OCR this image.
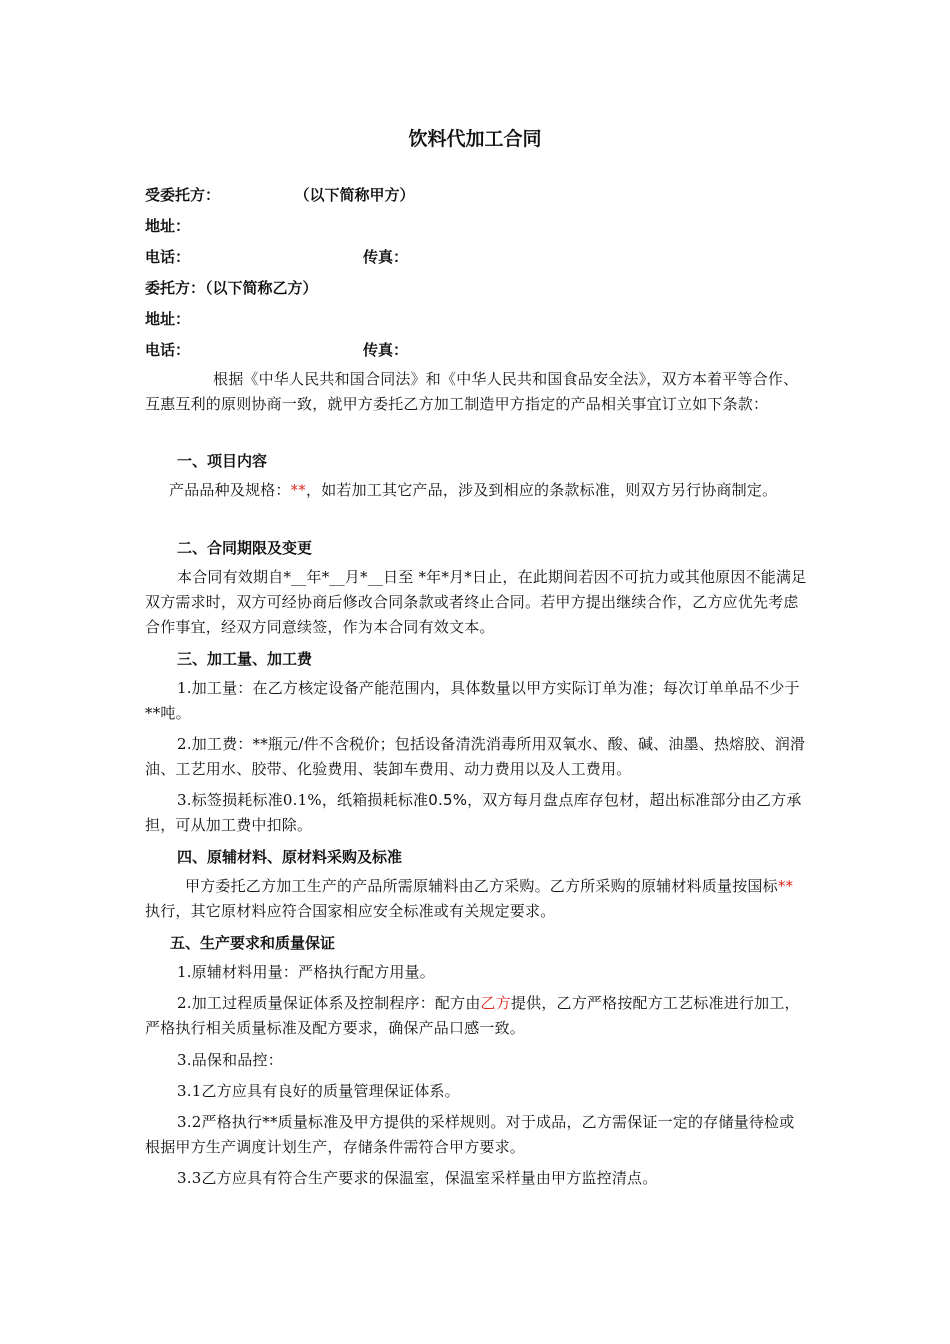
饮料代加工合同
受委托方：	（以下简称甲方）
地址：
电话：	传真：
委托方：（以下简称乙方）
地址：
电话：	传真：
根据《中华人民共和国合同法》和《中华人民共和国食品安全法》，双方本着平等合作、互惠互利的原则协商一致，就甲方委托乙方加工制造甲方指定的产品相关事宜订立如下条款：
一、项目内容
产品品种及规格：**，如若加工其它产品，涉及到相应的条款标准，则双方另行协商制定。
二、合同期限及变更
本合同有效期自*__年*__月*__日至 *年*月*日止，在此期间若因不可抗力或其他原因不能满足双方需求时，双方可经协商后修改合同条款或者终止合同。若甲方提出继续合作，乙方应优先考虑合作事宜，经双方同意续签，作为本合同有效文本。
三、加工量、加工费
1.加工量：在乙方核定设备产能范围内，具体数量以甲方实际订单为准；每次订单单品不少于**吨。
2.加工费：**瓶元/件不含税价；包括设备清洗消毒所用双氧水、酸、碱、油墨、热熔胶、润滑油、工艺用水、胶带、化验费用、装卸车费用、动力费用以及人工费用。
3.标签损耗标准0.1%，纸箱损耗标准0.5%，双方每月盘点库存包材，超出标准部分由乙方承担，可从加工费中扣除。
四、原辅材料、原材料采购及标准
甲方委托乙方加工生产的产品所需原辅料由乙方采购。乙方所采购的原辅材料质量按国标**执行，其它原材料应符合国家相应安全标准或有关规定要求。
五、生产要求和质量保证
1.原辅材料用量：严格执行配方用量。
2.加工过程质量保证体系及控制程序：配方由乙方提供，乙方严格按配方工艺标准进行加工，严格执行相关质量标准及配方要求，确保产品口感一致。
3.品保和品控：
3.1乙方应具有良好的质量管理保证体系。
3.2严格执行**质量标准及甲方提供的采样规则。对于成品，乙方需保证一定的存储量待检或根据甲方生产调度计划生产，存储条件需符合甲方要求。
3.3乙方应具有符合生产要求的保温室，保温室采样量由甲方监控清点。
